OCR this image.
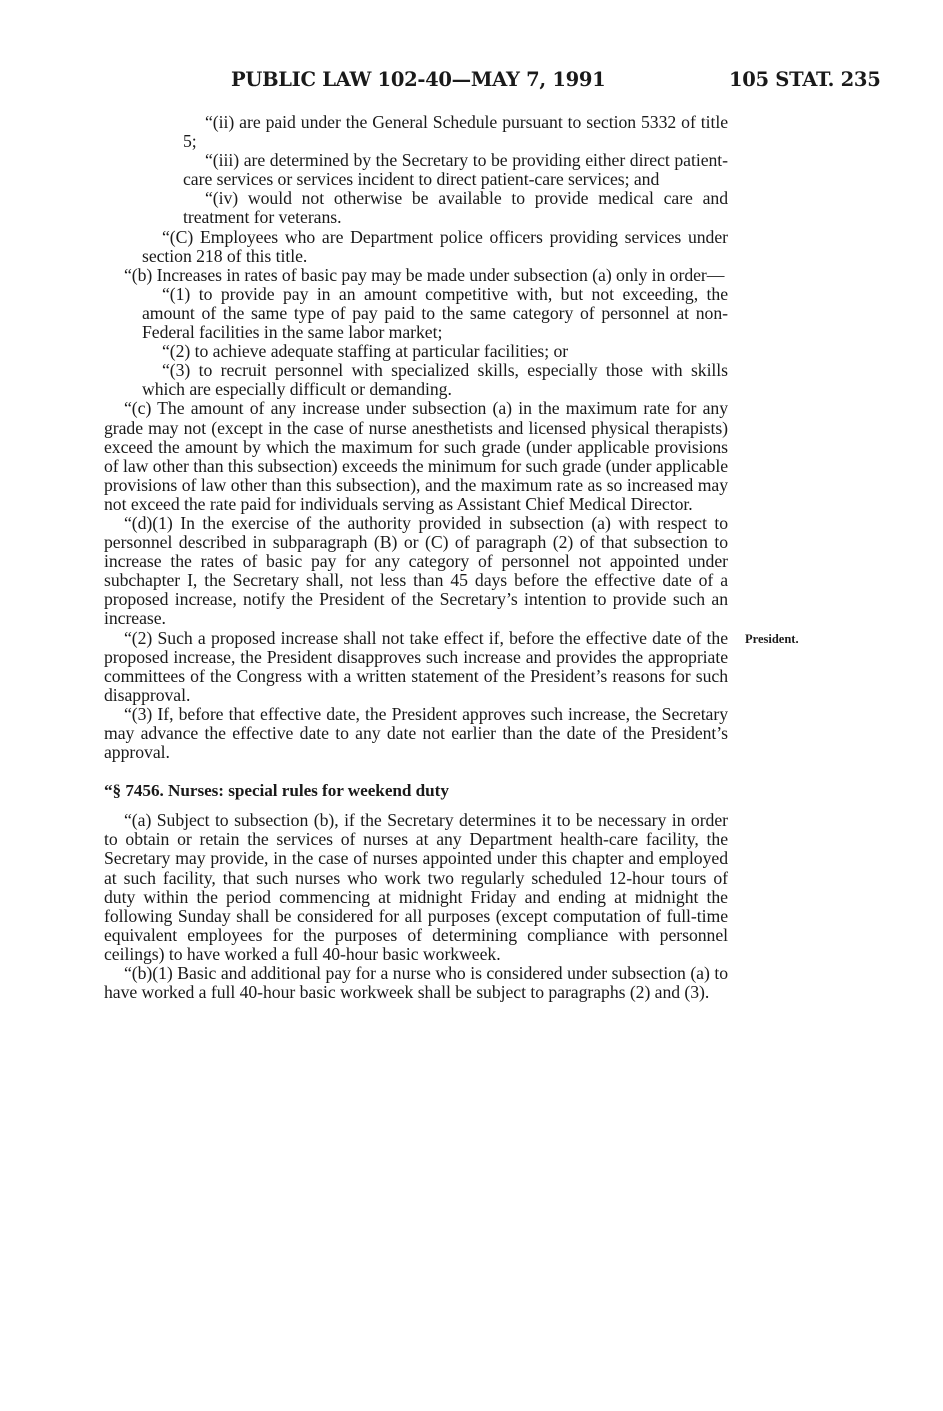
PUBLIC LAW 102-40—MAY 7, 1991	105 STAT. 235

“(ii) are paid under the General Schedule pursuant to section 5332 of title 5;

“(iii) are determined by the Secretary to be providing either direct patient-care services or services incident to direct patient-care services; and

“(iv) would not otherwise be available to provide medical care and treatment for veterans.

“(C) Employees who are Department police officers providing services under section 218 of this title.

“(b) Increases in rates of basic pay may be made under subsection (a) only in order—

“(1) to provide pay in an amount competitive with, but not exceeding, the amount of the same type of pay paid to the same category of personnel at non-Federal facilities in the same labor market;

“(2) to achieve adequate staffing at particular facilities; or

“(3) to recruit personnel with specialized skills, especially those with skills which are especially difficult or demanding.

“(c) The amount of any increase under subsection (a) in the maximum rate for any grade may not (except in the case of nurse anesthetists and licensed physical therapists) exceed the amount by which the maximum for such grade (under applicable provisions of law other than this subsection) exceeds the minimum for such grade (under applicable provisions of law other than this subsection), and the maximum rate as so increased may not exceed the rate paid for individuals serving as Assistant Chief Medical Director.

“(d)(1) In the exercise of the authority provided in subsection (a) with respect to personnel described in subparagraph (B) or (C) of paragraph (2) of that subsection to increase the rates of basic pay for any category of personnel not appointed under subchapter I, the Secretary shall, not less than 45 days before the effective date of a proposed increase, notify the President of the Secretary’s intention to provide such an increase.

“(2) Such a proposed increase shall not take effect if, before the effective date of the proposed increase, the President disapproves such increase and provides the appropriate committees of the Congress with a written statement of the President’s reasons for such disapproval.

“(3) If, before that effective date, the President approves such increase, the Secretary may advance the effective date to any date not earlier than the date of the President’s approval.

“§ 7456. Nurses: special rules for weekend duty

“(a) Subject to subsection (b), if the Secretary determines it to be necessary in order to obtain or retain the services of nurses at any Department health-care facility, the Secretary may provide, in the case of nurses appointed under this chapter and employed at such facility, that such nurses who work two regularly scheduled 12-hour tours of duty within the period commencing at midnight Friday and ending at midnight the following Sunday shall be considered for all purposes (except computation of full-time equivalent employees for the purposes of determining compliance with personnel ceilings) to have worked a full 40-hour basic workweek.

“(b)(1) Basic and additional pay for a nurse who is considered under subsection (a) to have worked a full 40-hour basic workweek shall be subject to paragraphs (2) and (3).

President.
